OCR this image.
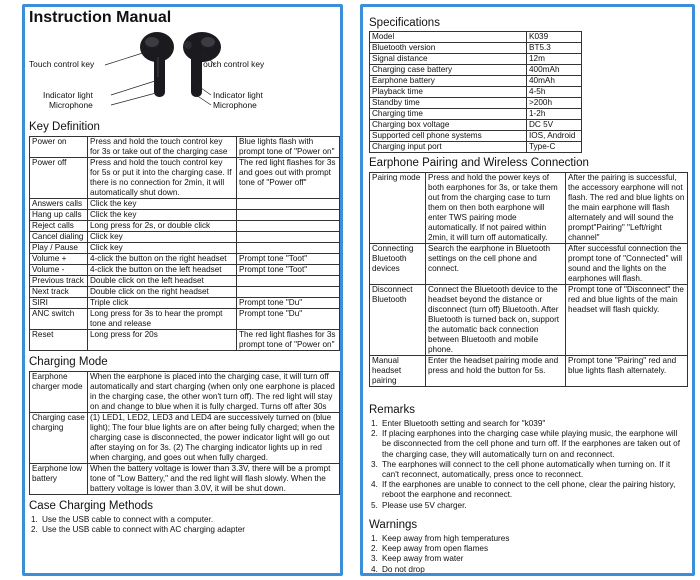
Instruction Manual
Touch control key	Touch control key
Indicator light	Indicator light
Microphone	Microphone
Key Definition
Power on	Press and hold the touch control key for 3s or take out of the charging case	Blue lights flash with prompt tone of "Power on"
Power off	Press and hold the touch control key for 5s or put it into the charging case. If there is no connection for 2min, it will automatically shut down.	The red light flashes for 3s and goes out with prompt tone of "Power off"
Answers calls	Click the key	
Hang up calls	Click the key	
Reject calls	Long press for 2s, or double click	
Cancel dialing	Click key	
Play / Pause	Click key	
Volume +	4-click the button on the right headset	Prompt tone "Toot"
Volume -	4-click the button on the left headset	Prompt tone "Toot"
Previous track	Double click on the left headset	
Next track	Double click on the right headset	
SIRI	Triple click	Prompt tone "Du"
ANC switch	Long press for 3s to hear the prompt tone and release	Prompt tone "Du"
Reset	Long press for 20s	The red light flashes for 3s prompt tone of "Power on"
Charging Mode
Earphone charger mode	When the earphone is placed into the charging case, it will turn off automatically and start charging (when only one earphone is placed in the charging case, the other won't turn off). The red light will stay on and change to blue when it is fully charged. Turns off after 30s
Charging case charging	(1) LED1, LED2, LED3 and LED4 are successively turned on (blue light); The four blue lights are on after being fully charged; when the charging case is disconnected, the power indicator light will go out after staying on for 3s. (2) The charging indicator lights up in red when charging, and goes out when fully charged.
Earphone low battery	When the battery voltage is lower than 3.3V, there will be a prompt tone of "Low Battery," and the red light will flash slowly. When the battery voltage is lower than 3.0V, it will be shut down.
Case Charging Methods
1. Use the USB cable to connect with a computer.
2. Use the USB cable to connect with AC charging adapter
Specifications
Model	K039
Bluetooth version	BT5.3
Signal distance	12m
Charging case battery	400mAh
Earphone battery	40mAh
Playback time	4-5h
Standby time	>200h
Charging time	1-2h
Charging box voltage	DC 5V
Supported cell phone systems	IOS, Android
Charging input port	Type-C
Earphone Pairing and Wireless Connection
Pairing mode	Press and hold the power keys of both earphones for 3s, or take them out from the charging case to turn them on then both earphone will enter TWS pairing mode automatically. If not paired within 2min, it will turn off automatically.	After the pairing is successful, the accessory earphone will not flash. The red and blue lights on the main earphone will flash alternately and will sound the prompt"Pairing" "Left/right channel"
Connecting Bluetooth devices	Search the earphone in Bluetooth settings on the cell phone and connect.	After successful connection the prompt tone of "Connected" will sound and the lights on the earphones will flash.
Disconnect Bluetooth	Connect the Bluetooth device to the headset beyond the distance or disconnect (turn off) Bluetooth. After Bluetooth is turned back on, support the automatic back connection between Bluetooth and mobile phone.	Prompt tone of "Disconnect" the red and blue lights of the main headset will flash quickly.
Manual headset pairing	Enter the headset pairing mode and press and hold the button for 5s.	Prompt tone "Pairing" red and blue lights flash alternately.
Remarks
1. Enter Bluetooth setting and search for "k039"
2. If placing earphones into the charging case while playing music, the earphone will be disconnected from the cell phone and turn off. If the earphones are taken out of the charging case, they will automatically turn on and reconnect.
3. The earphones will connect to the cell phone automatically when turning on. If it can't reconnect, automatically, press once to reconnect.
4. If the earphones are unable to connect to the cell phone, clear the pairing history, reboot the earphone and reconnect.
5. Please use 5V charger.
Warnings
1. Keep away from high temperatures
2. Keep away from open flames
3. Keep away from water
4. Do not drop
